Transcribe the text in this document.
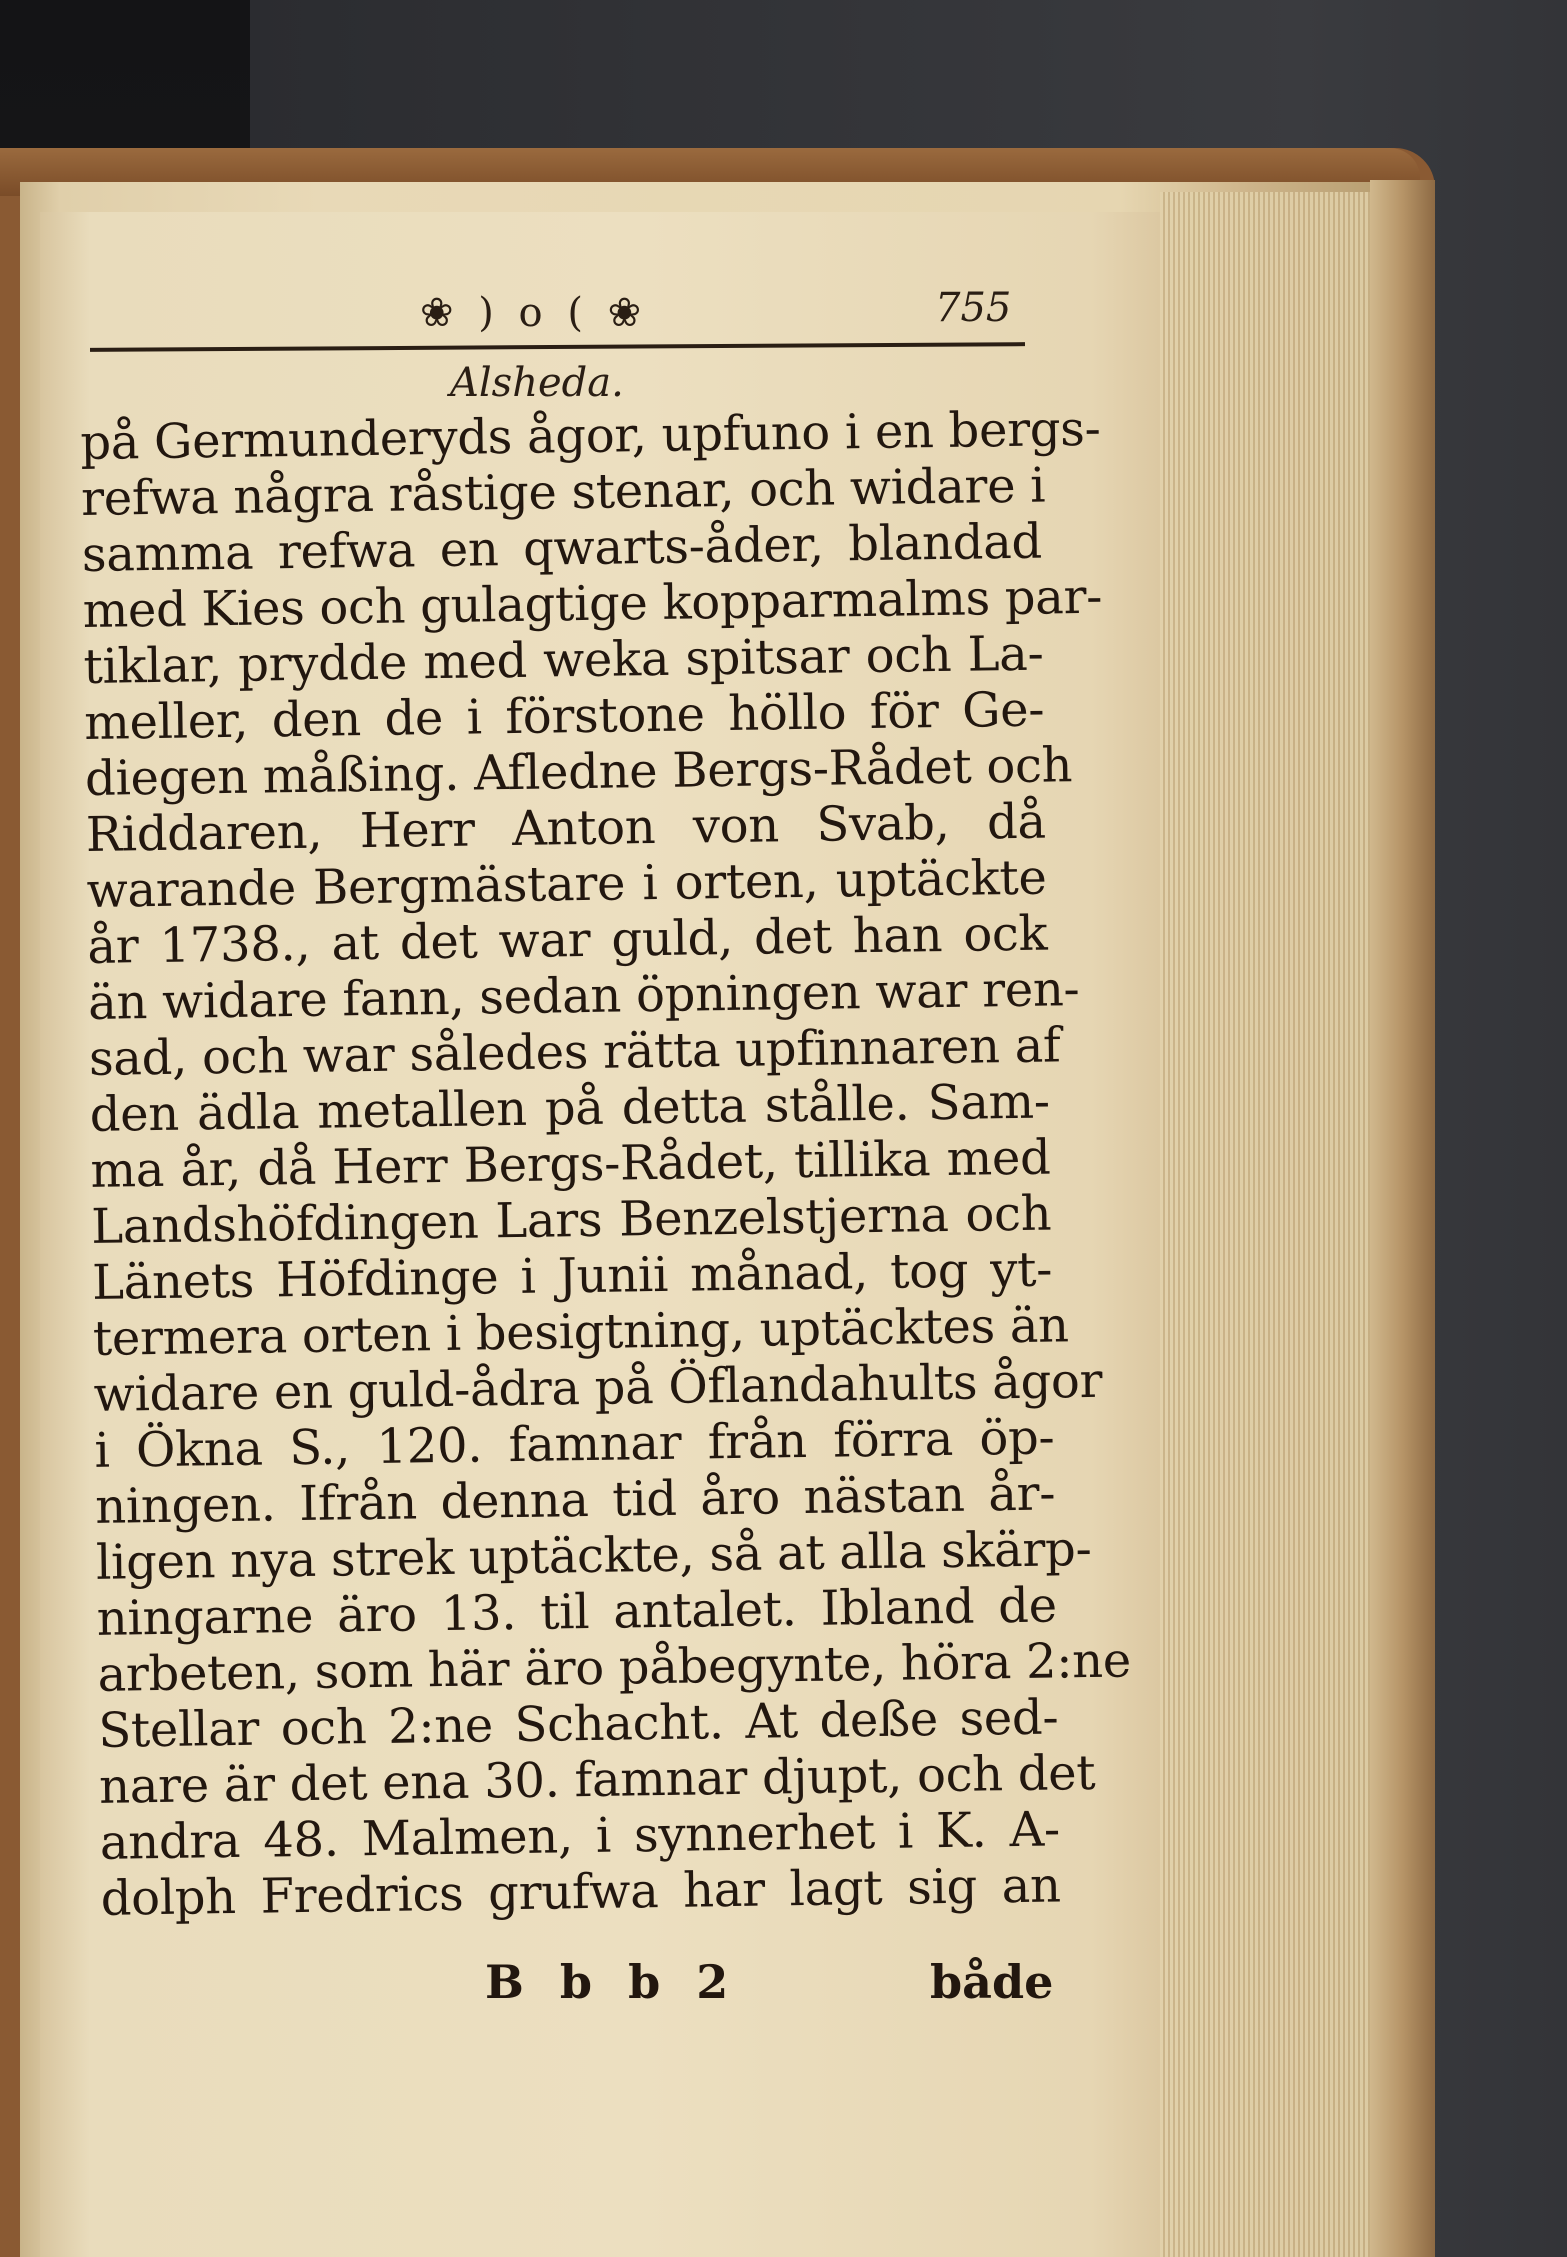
❀ ) o ( ❀	755
Alsheda.
på Germunderyds ågor, upfuno i en bergs-
refwa några råstige stenar, och widare i
samma refwa en qwarts-åder, blandad
med Kies och gulagtige kopparmalms par-
tiklar, prydde med weka spitsar och La-
meller, den de i förstone höllo för Ge-
diegen måßing. Afledne Bergs-Rådet och
Riddaren, Herr Anton von Svab, då
warande Bergmästare i orten, uptäckte
år 1738., at det war guld, det han ock
än widare fann, sedan öpningen war ren-
sad, och war således rätta upfinnaren af
den ädla metallen på detta stålle. Sam-
ma år, då Herr Bergs-Rådet, tillika med
Landshöfdingen Lars Benzelstjerna och
Länets Höfdinge i Junii månad, tog yt-
termera orten i besigtning, uptäcktes än
widare en guld-ådra på Öflandahults ågor
i Ökna S., 120. famnar från förra öp-
ningen. Ifrån denna tid åro nästan år-
ligen nya strek uptäckte, så at alla skärp-
ningarne äro 13. til antalet. Ibland de
arbeten, som här äro påbegynte, höra 2:ne
Stellar och 2:ne Schacht. At deße sed-
nare är det ena 30. famnar djupt, och det
andra 48. Malmen, i synnerhet i K. A-
dolph Fredrics grufwa har lagt sig an
B b b 2	både
